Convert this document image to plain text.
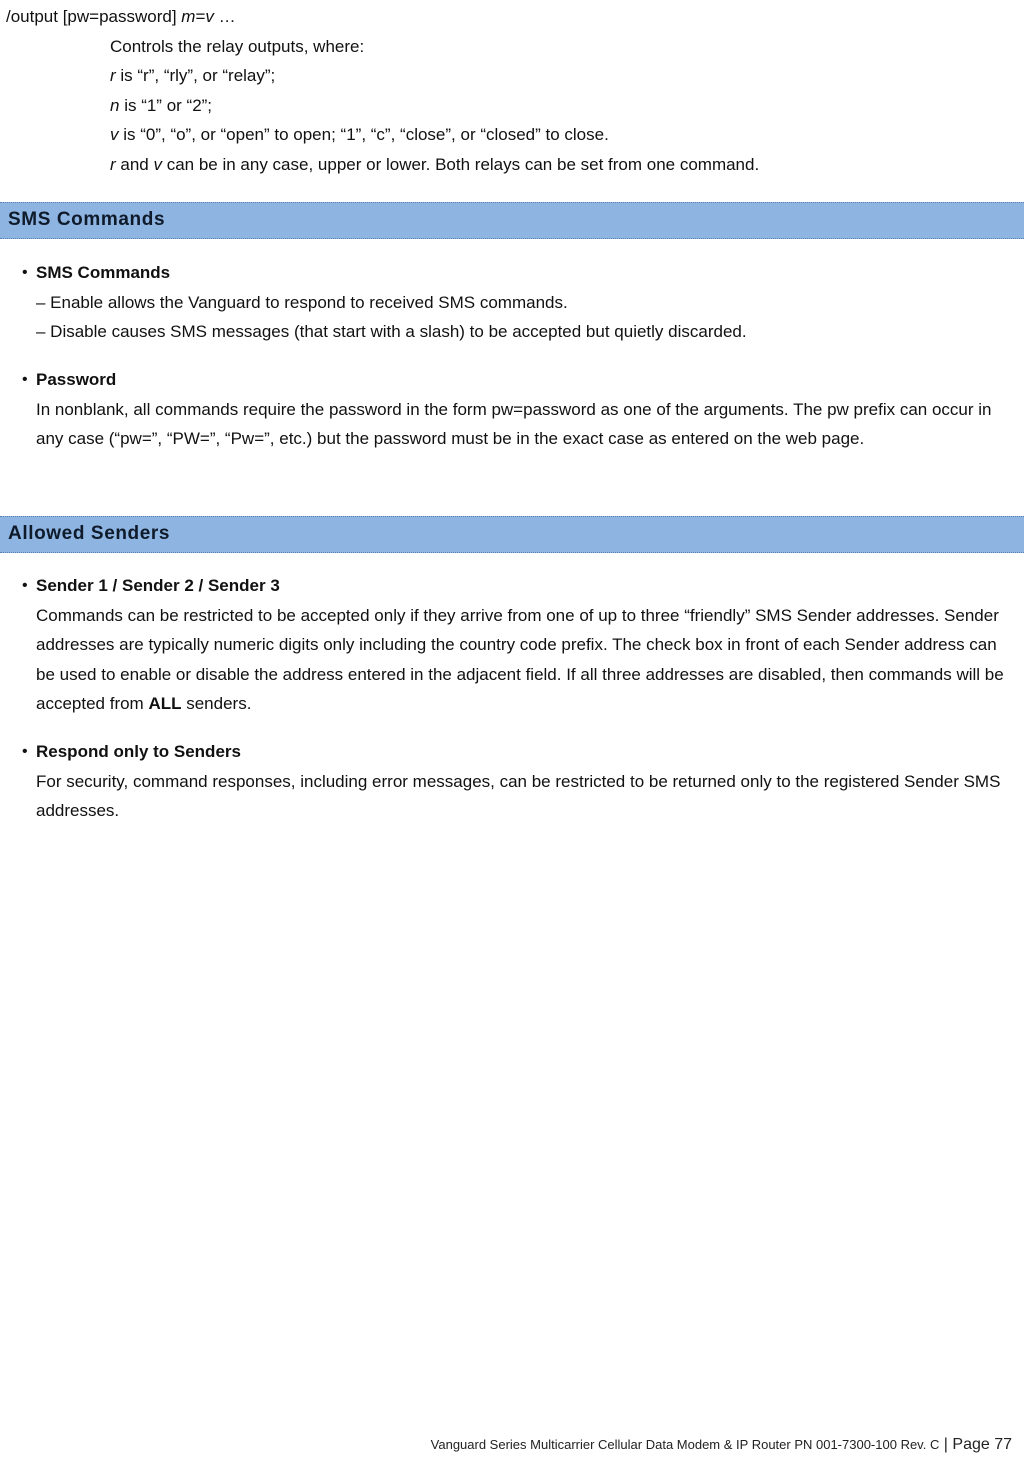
/output [pw=password] m=v …
Controls the relay outputs, where:
r is “r”, “rly”, or “relay”;
n is “1” or “2”;
v is “0”, “o”, or “open” to open; “1”, “c”, “close”, or “closed” to close.
r and v can be in any case, upper or lower. Both relays can be set from one command.
SMS Commands
• SMS Commands
– Enable allows the Vanguard to respond to received SMS commands.
– Disable causes SMS messages (that start with a slash) to be accepted but quietly discarded.
• Password
In nonblank, all commands require the password in the form pw=password as one of the arguments. The pw prefix can occur in any case (“pw=”, “PW=”, “Pw=”, etc.) but the password must be in the exact case as entered on the web page.
Allowed Senders
• Sender 1 / Sender 2 / Sender 3
Commands can be restricted to be accepted only if they arrive from one of up to three “friendly” SMS Sender addresses. Sender addresses are typically numeric digits only including the country code prefix. The check box in front of each Sender address can be used to enable or disable the address entered in the adjacent field. If all three addresses are disabled, then commands will be accepted from ALL senders.
• Respond only to Senders
For security, command responses, including error messages, can be restricted to be returned only to the registered Sender SMS addresses.
Vanguard Series Multicarrier Cellular Data Modem & IP Router PN 001-7300-100 Rev. C | Page 77
